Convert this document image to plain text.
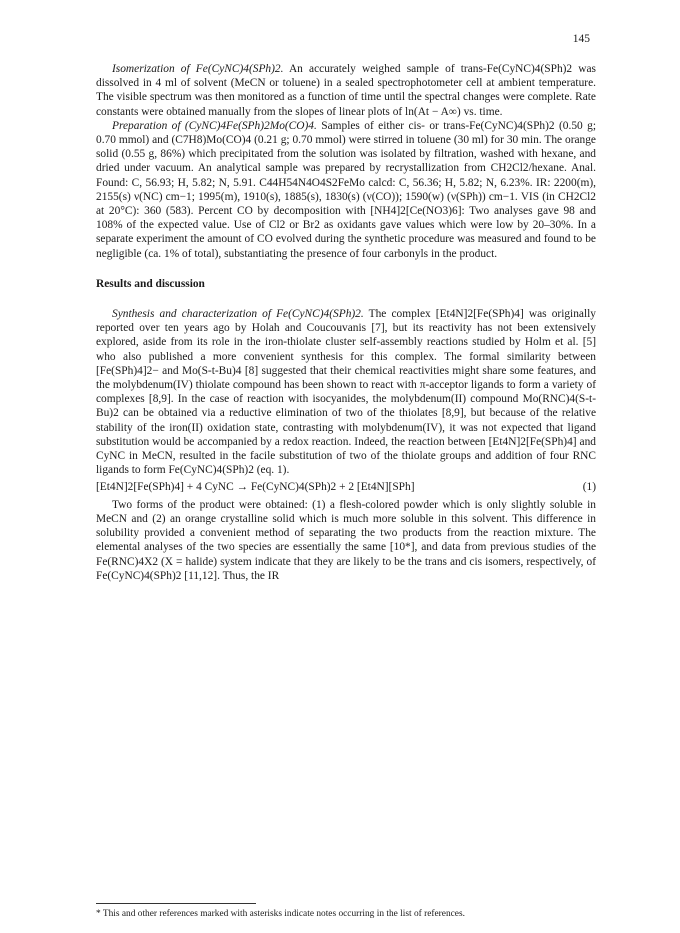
145

Isomerization of Fe(CyNC)4(SPh)2. An accurately weighed sample of trans-Fe(CyNC)4(SPh)2 was dissolved in 4 ml of solvent (MeCN or toluene) in a sealed spectrophotometer cell at ambient temperature. The visible spectrum was then monitored as a function of time until the spectral changes were complete. Rate constants were obtained manually from the slopes of linear plots of ln(At − A∞) vs. time.

Preparation of (CyNC)4Fe(SPh)2Mo(CO)4. Samples of either cis- or trans-Fe(CyNC)4(SPh)2 (0.50 g; 0.70 mmol) and (C7H8)Mo(CO)4 (0.21 g; 0.70 mmol) were stirred in toluene (30 ml) for 30 min. The orange solid (0.55 g, 86%) which precipitated from the solution was isolated by filtration, washed with hexane, and dried under vacuum. An analytical sample was prepared by recrystallization from CH2Cl2/hexane. Anal. Found: C, 56.93; H, 5.82; N, 5.91. C44H54N4O4S2FeMo calcd: C, 56.36; H, 5.82; N, 6.23%. IR: 2200(m), 2155(s) ν(NC) cm−1; 1995(m), 1910(s), 1885(s), 1830(s) (ν(CO)); 1590(w) (ν(SPh)) cm−1. VIS (in CH2Cl2 at 20°C): 360 (583). Percent CO by decomposition with [NH4]2[Ce(NO3)6]: Two analyses gave 98 and 108% of the expected value. Use of Cl2 or Br2 as oxidants gave values which were low by 20–30%. In a separate experiment the amount of CO evolved during the synthetic procedure was measured and found to be negligible (ca. 1% of total), substantiating the presence of four carbonyls in the product.

Results and discussion

Synthesis and characterization of Fe(CyNC)4(SPh)2. The complex [Et4N]2[Fe(SPh)4] was originally reported over ten years ago by Holah and Coucouvanis [7], but its reactivity has not been extensively explored, aside from its role in the iron-thiolate cluster self-assembly reactions studied by Holm et al. [5] who also published a more convenient synthesis for this complex. The formal similarity between [Fe(SPh)4]2− and Mo(S-t-Bu)4 [8] suggested that their chemical reactivities might share some features, and the molybdenum(IV) thiolate compound has been shown to react with π-acceptor ligands to form a variety of complexes [8,9]. In the case of reaction with isocyanides, the molybdenum(II) compound Mo(RNC)4(S-t-Bu)2 can be obtained via a reductive elimination of two of the thiolates [8,9], but because of the relative stability of the iron(II) oxidation state, contrasting with molybdenum(IV), it was not expected that ligand substitution would be accompanied by a redox reaction. Indeed, the reaction between [Et4N]2[Fe(SPh)4] and CyNC in MeCN, resulted in the facile substitution of two of the thiolate groups and addition of four RNC ligands to form Fe(CyNC)4(SPh)2 (eq. 1).

[Et4N]2[Fe(SPh)4] + 4 CyNC → Fe(CyNC)4(SPh)2 + 2 [Et4N][SPh]	(1)

Two forms of the product were obtained: (1) a flesh-colored powder which is only slightly soluble in MeCN and (2) an orange crystalline solid which is much more soluble in this solvent. This difference in solubility provided a convenient method of separating the two products from the reaction mixture. The elemental analyses of the two species are essentially the same [10*], and data from previous studies of the Fe(RNC)4X2 (X = halide) system indicate that they are likely to be the trans and cis isomers, respectively, of Fe(CyNC)4(SPh)2 [11,12]. Thus, the IR

* This and other references marked with asterisks indicate notes occurring in the list of references.
